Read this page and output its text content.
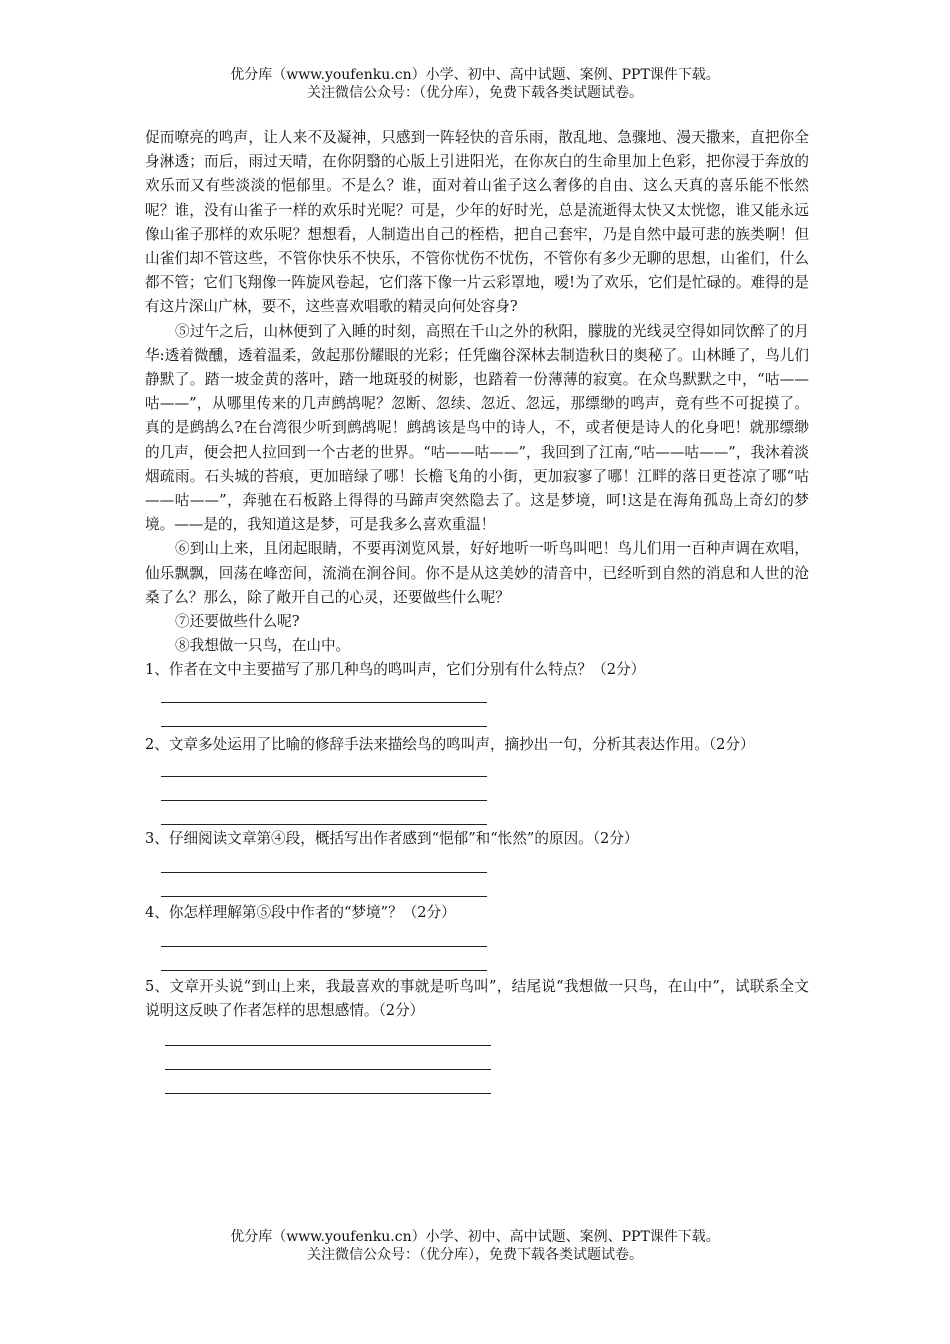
优分库（www.youfenku.cn）小学、初中、高中试题、案例、PPT课件下载。
关注微信公众号：（优分库），免费下载各类试题试卷。

促而嘹亮的鸣声，让人来不及凝神，只感到一阵轻快的音乐雨，散乱地、急骤地、漫天撒来，直把你全身淋透；而后，雨过天晴，在你阴翳的心版上引进阳光，在你灰白的生命里加上色彩，把你浸于奔放的欢乐而又有些淡淡的悒郁里。不是么？谁，面对着山雀子这么奢侈的自由、这么天真的喜乐能不怅然呢？谁，没有山雀子一样的欢乐时光呢？可是，少年的好时光，总是流逝得太快又太恍惚，谁又能永远像山雀子那样的欢乐呢？想想看，人制造出自己的桎梏，把自己套牢，乃是自然中最可悲的族类啊！但山雀们却不管这些，不管你快乐不快乐，不管你忧伤不忧伤，不管你有多少无聊的思想，山雀们，什么都不管；它们飞翔像一阵旋风卷起，它们落下像一片云彩罩地，嗳!为了欢乐，它们是忙碌的。难得的是有这片深山广林，要不，这些喜欢唱歌的精灵向何处容身?

⑤过午之后，山林便到了入睡的时刻，高照在千山之外的秋阳，朦胧的光线灵空得如同饮醉了的月华:透着微醺，透着温柔，敛起那份耀眼的光彩；任凭幽谷深林去制造秋日的奥秘了。山林睡了，鸟儿们静默了。踏一坡金黄的落叶，踏一地斑驳的树影，也踏着一份薄薄的寂寞。在众鸟默默之中，“咕——咕——”，从哪里传来的几声鹧鸪呢？忽断、忽续、忽近、忽远，那缥缈的鸣声，竟有些不可捉摸了。真的是鹧鸪么?在台湾很少听到鹧鸪呢！鹧鸪该是鸟中的诗人，不，或者便是诗人的化身吧！就那缥缈的几声，便会把人拉回到一个古老的世界。“咕——咕——”，我回到了江南,“咕——咕——”，我沐着淡烟疏雨。石头城的苔痕，更加暗绿了哪！长檐飞角的小街，更加寂寥了哪！江畔的落日更苍凉了哪“咕——咕——”，奔驰在石板路上得得的马蹄声突然隐去了。这是梦境，呵!这是在海角孤岛上奇幻的梦境。——是的，我知道这是梦，可是我多么喜欢重温！

⑥到山上来，且闭起眼睛，不要再浏览风景，好好地听一听鸟叫吧！鸟儿们用一百种声调在欢唱，仙乐飘飘，回荡在峰峦间，流淌在涧谷间。你不是从这美妙的清音中，已经听到自然的消息和人世的沧桑了么？那么，除了敞开自己的心灵，还要做些什么呢？

⑦还要做些什么呢?

⑧我想做一只鸟，在山中。

1、作者在文中主要描写了那几种鸟的鸣叫声，它们分别有什么特点？（2分）

2、文章多处运用了比喻的修辞手法来描绘鸟的鸣叫声，摘抄出一句，分析其表达作用。（2分）

3、仔细阅读文章第④段，概括写出作者感到“悒郁”和“怅然”的原因。（2分）

4、你怎样理解第⑤段中作者的“梦境”？（2分）

5、文章开头说“到山上来，我最喜欢的事就是听鸟叫”，结尾说“我想做一只鸟，在山中”，试联系全文说明这反映了作者怎样的思想感情。（2分）

优分库（www.youfenku.cn）小学、初中、高中试题、案例、PPT课件下载。
关注微信公众号：（优分库），免费下载各类试题试卷。
